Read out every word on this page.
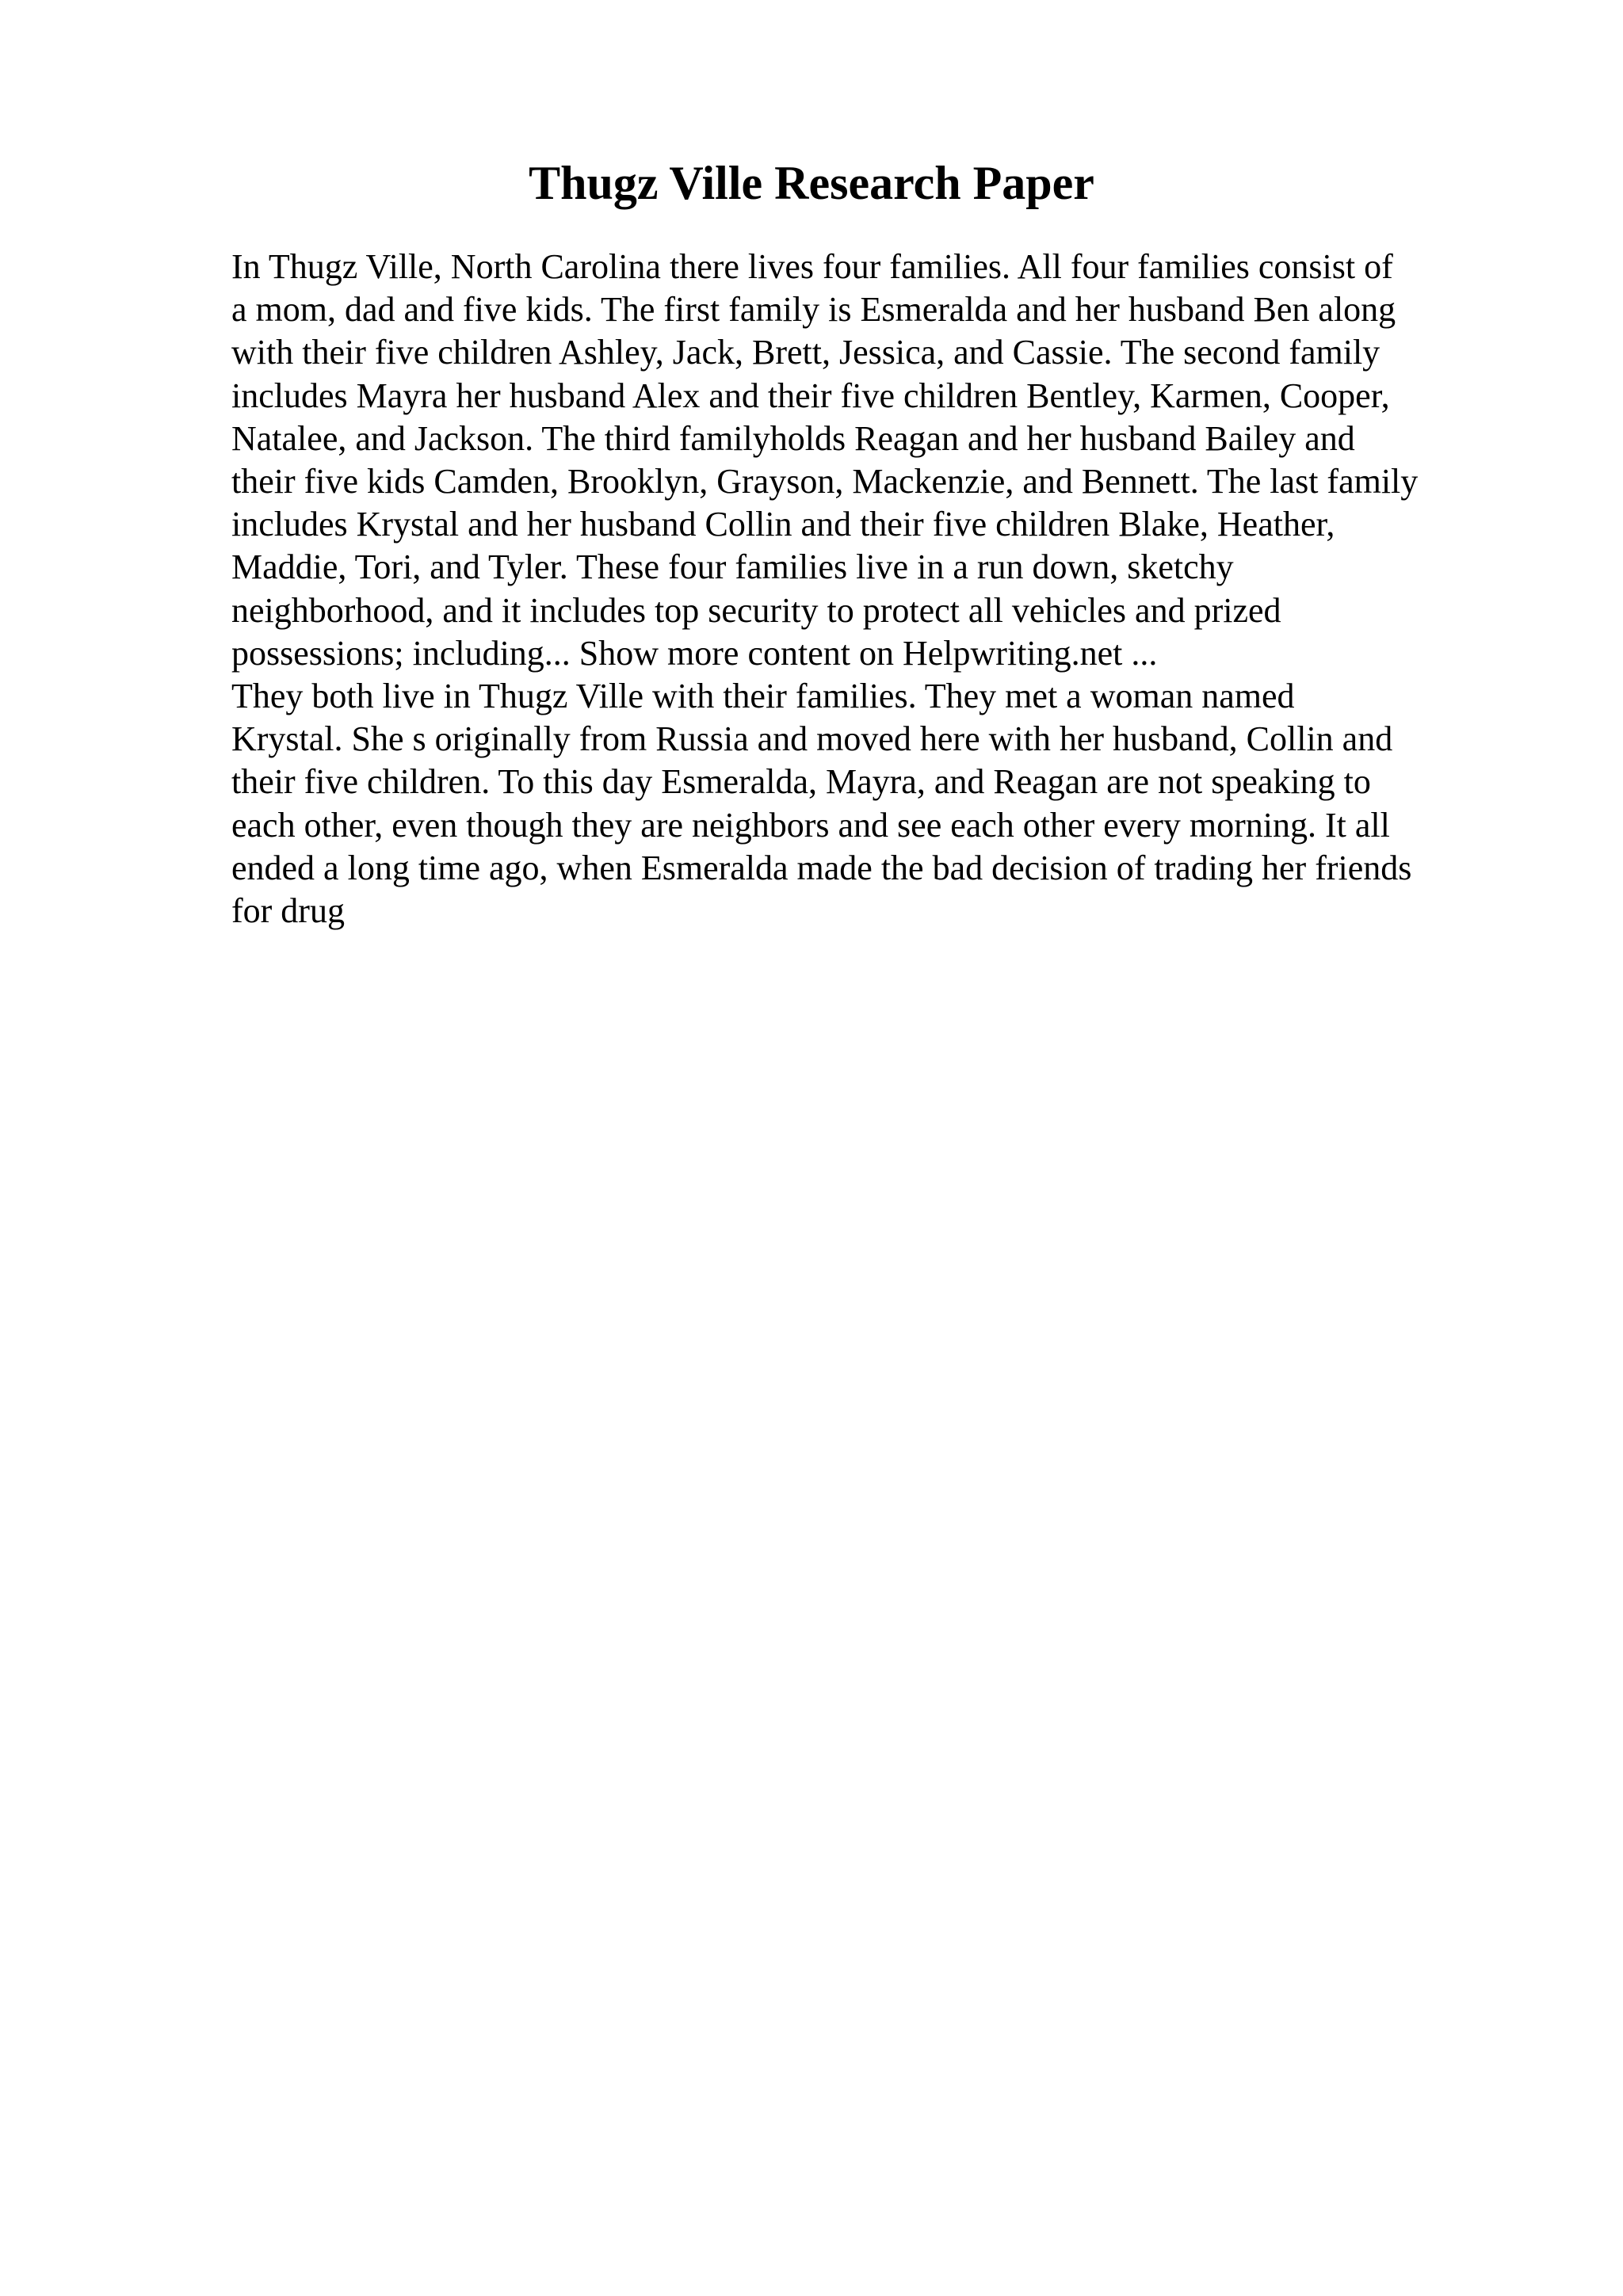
Thugz Ville Research Paper
In Thugz Ville, North Carolina there lives four families. All four families consist of
a mom, dad and five kids. The first family is Esmeralda and her husband Ben along
with their five children Ashley, Jack, Brett, Jessica, and Cassie. The second family
includes Mayra her husband Alex and their five children Bentley, Karmen, Cooper,
Natalee, and Jackson. The third familyholds Reagan and her husband Bailey and
their five kids Camden, Brooklyn, Grayson, Mackenzie, and Bennett. The last family
includes Krystal and her husband Collin and their five children Blake, Heather,
Maddie, Tori, and Tyler. These four families live in a run down, sketchy
neighborhood, and it includes top security to protect all vehicles and prized
possessions; including... Show more content on Helpwriting.net ...
They both live in Thugz Ville with their families. They met a woman named
Krystal. She s originally from Russia and moved here with her husband, Collin and
their five children. To this day Esmeralda, Mayra, and Reagan are not speaking to
each other, even though they are neighbors and see each other every morning. It all
ended a long time ago, when Esmeralda made the bad decision of trading her friends
for drug
